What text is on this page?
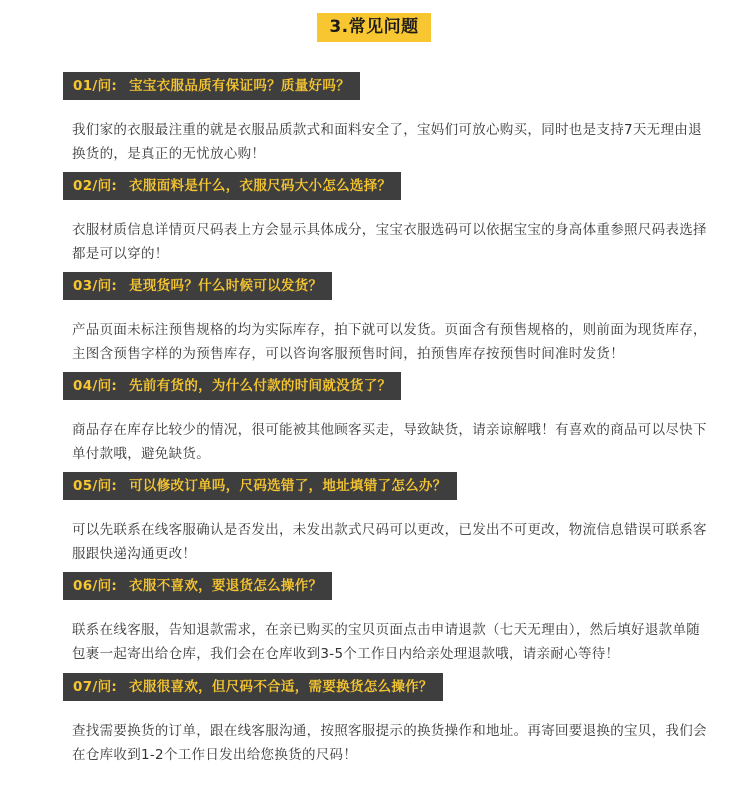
3.常见问题
01/问: 宝宝衣服品质有保证吗？质量好吗？
我们家的衣服最注重的就是衣服品质款式和面料安全了，宝妈们可放心购买，同时也是支持7天无理由退换货的，是真正的无忧放心购！
02/问: 衣服面料是什么，衣服尺码大小怎么选择？
衣服材质信息详情页尺码表上方会显示具体成分，宝宝衣服选码可以依据宝宝的身高体重参照尺码表选择都是可以穿的！
03/问: 是现货吗？什么时候可以发货？
产品页面未标注预售规格的均为实际库存，拍下就可以发货。页面含有预售规格的，则前面为现货库存，主图含预售字样的为预售库存，可以咨询客服预售时间，拍预售库存按预售时间准时发货！
04/问: 先前有货的，为什么付款的时间就没货了？
商品存在库存比较少的情况，很可能被其他顾客买走，导致缺货，请亲谅解哦！有喜欢的商品可以尽快下单付款哦，避免缺货。
05/问: 可以修改订单吗，尺码选错了，地址填错了怎么办？
可以先联系在线客服确认是否发出，未发出款式尺码可以更改，已发出不可更改，物流信息错误可联系客服跟快递沟通更改！
06/问: 衣服不喜欢，要退货怎么操作？
联系在线客服，告知退款需求，在亲已购买的宝贝页面点击申请退款（七天无理由），然后填好退款单随包裹一起寄出给仓库，我们会在仓库收到3-5个工作日内给亲处理退款哦，请亲耐心等待！
07/问: 衣服很喜欢，但尺码不合适，需要换货怎么操作？
查找需要换货的订单，跟在线客服沟通，按照客服提示的换货操作和地址。再寄回要退换的宝贝，我们会在仓库收到1-2个工作日发出给您换货的尺码！
